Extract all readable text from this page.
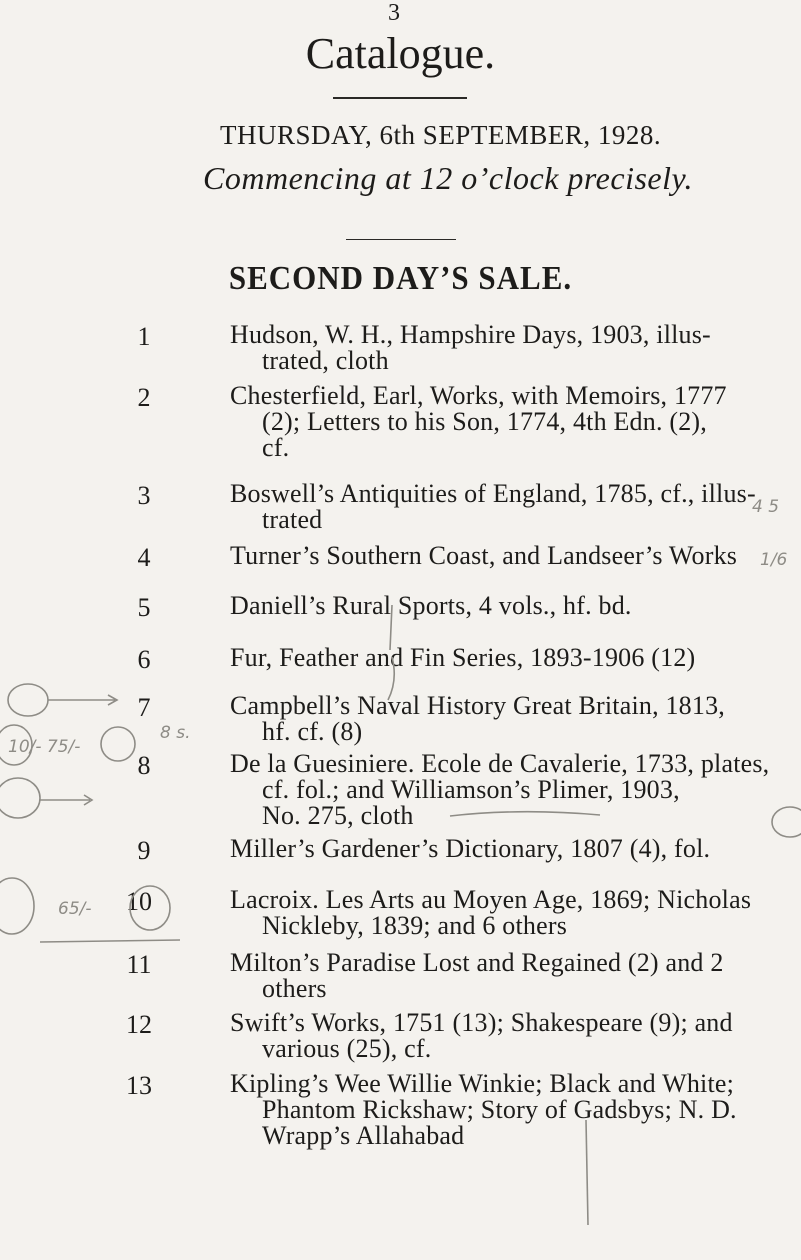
3
Catalogue.
THURSDAY, 6th SEPTEMBER, 1928.
Commencing at 12 o’clock precisely.
SECOND DAY’S SALE.
1	Hudson, W. H., Hampshire Days, 1903, illus-
trated, cloth
2	Chesterfield, Earl, Works, with Memoirs, 1777
(2); Letters to his Son, 1774, 4th Edn. (2),
cf.
3	Boswell’s Antiquities of England, 1785, cf., illus-
trated
4	Turner’s Southern Coast, and Landseer’s Works
5	Daniell’s Rural Sports, 4 vols., hf. bd.
6	Fur, Feather and Fin Series, 1893-1906 (12)
7	Campbell’s Naval History Great Britain, 1813,
hf. cf. (8)
8	De la Guesiniere. Ecole de Cavalerie, 1733, plates,
cf. fol.; and Williamson’s Plimer, 1903,
No. 275, cloth
9	Miller’s Gardener’s Dictionary, 1807 (4), fol.
10	Lacroix. Les Arts au Moyen Age, 1869; Nicholas
Nickleby, 1839; and 6 others
11	Milton’s Paradise Lost and Regained (2) and 2
others
12	Swift’s Works, 1751 (13); Shakespeare (9); and
various (25), cf.
13	Kipling’s Wee Willie Winkie; Black and White;
Phantom Rickshaw; Story of Gadsbys; N. D.
Wrapp’s Allahabad
10/- 75/-
65/-
8 s.
4 5
1/6
